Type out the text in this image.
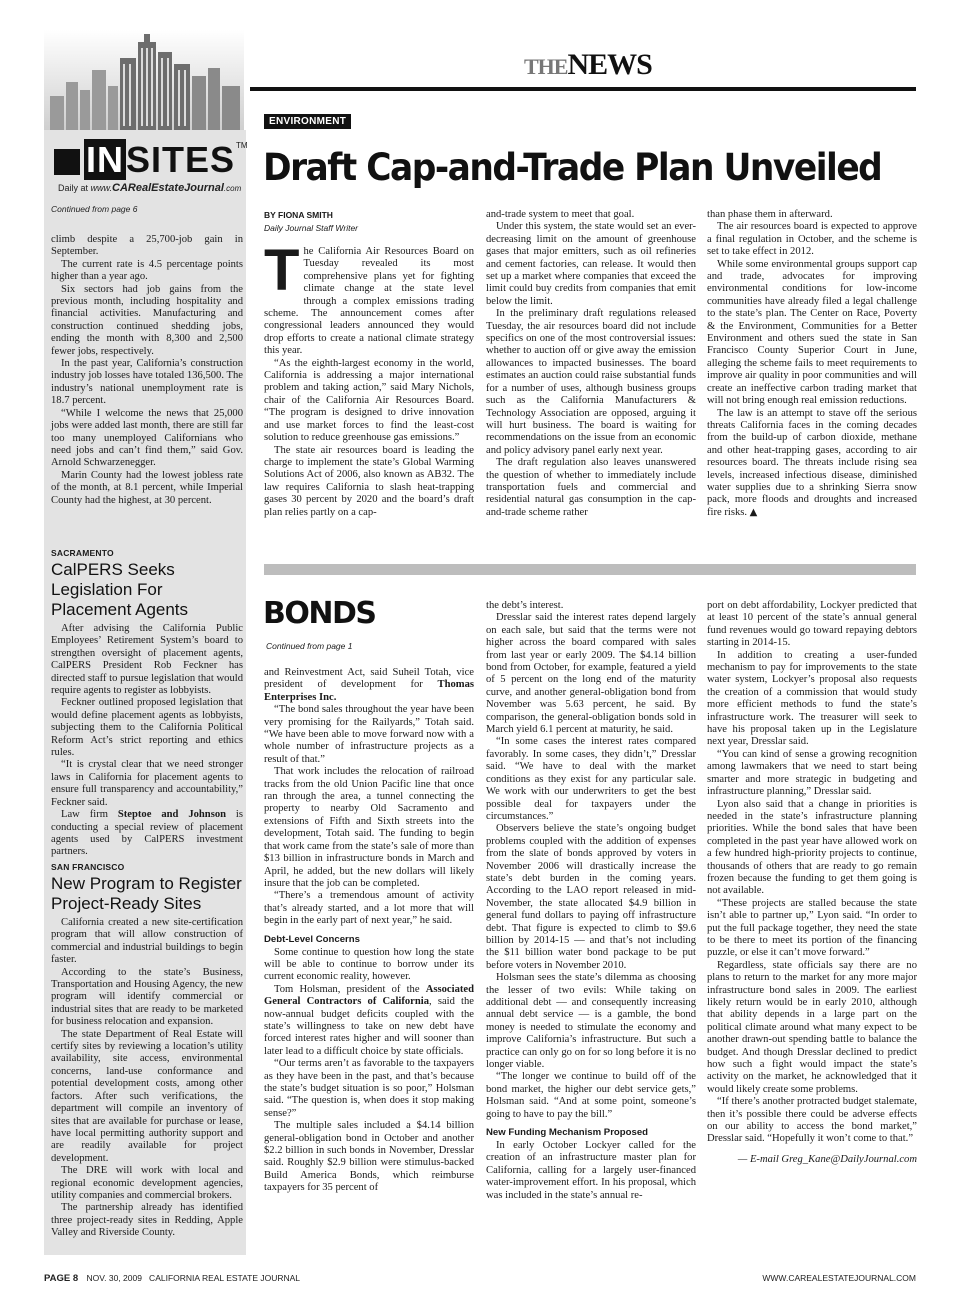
THENEWS
INSITES TM
Daily at www.CARealEstateJournal.com
Continued from page 6

climb despite a 25,700-job gain in September.

The current rate is 4.5 percentage points higher than a year ago.

Six sectors had job gains from the previous month, including hospitality and financial activities. Manufacturing and construction continued shedding jobs, ending the month with 8,300 and 2,500 fewer jobs, respectively.

In the past year, California’s construction industry job losses have totaled 136,500. The industry’s national unemployment rate is 18.7 percent.

“While I welcome the news that 25,000 jobs were added last month, there are still far too many unemployed Californians who need jobs and can’t find them,” said Gov. Arnold Schwarzenegger.

Marin County had the lowest jobless rate of the month, at 8.1 percent, while Imperial County had the highest, at 30 percent.

SACRAMENTO
CalPERS Seeks Legislation For Placement Agents

After advising the California Public Employees’ Retirement System’s board to strengthen oversight of placement agents, CalPERS President Rob Feckner has directed staff to pursue legislation that would require agents to register as lobbyists.

Feckner outlined proposed legislation that would define placement agents as lobbyists, subjecting them to the California Political Reform Act’s strict reporting and ethics rules.

“It is crystal clear that we need stronger laws in California for placement agents to ensure full transparency and accountability,” Feckner said.

Law firm Steptoe and Johnson is conducting a special review of placement agents used by CalPERS investment partners.

SAN FRANCISCO
New Program to Register Project-Ready Sites

California created a new site-certification program that will allow construction of commercial and industrial buildings to begin faster.

According to the state’s Business, Transportation and Housing Agency, the new program will identify commercial or industrial sites that are ready to be marketed for business relocation and expansion.

The state Department of Real Estate will certify sites by reviewing a location’s utility availability, site access, environmental concerns, land-use conformance and potential development costs, among other factors. After such verifications, the department will compile an inventory of sites that are available for purchase or lease, have local permitting authority support and are readily available for project development.

The DRE will work with local and regional economic development agencies, utility companies and commercial brokers.

The partnership already has identified three project-ready sites in Redding, Apple Valley and Riverside County.

ENVIRONMENT
Draft Cap-and-Trade Plan Unveiled
BY FIONA SMITH
Daily Journal Staff Writer

The California Air Resources Board on Tuesday revealed its most comprehensive plans yet for fighting climate change at the state level through a complex emissions trading scheme. The announcement comes after congressional leaders announced they would drop efforts to create a national climate strategy this year.

“As the eighth-largest economy in the world, California is addressing a major international problem and taking action,” said Mary Nichols, chair of the California Air Resources Board. “The program is designed to drive innovation and use market forces to find the least-cost solution to reduce greenhouse gas emissions.”

The state air resources board is leading the charge to implement the state’s Global Warming Solutions Act of 2006, also known as AB32. The law requires California to slash heat-trapping gases 30 percent by 2020 and the board’s draft plan relies partly on a cap-

and-trade system to meet that goal.

Under this system, the state would set an ever-decreasing limit on the amount of greenhouse gases that major emitters, such as oil refineries and cement factories, can release. It would then set up a market where companies that exceed the limit could buy credits from companies that emit below the limit.

In the preliminary draft regulations released Tuesday, the air resources board did not include specifics on one of the most controversial issues: whether to auction off or give away the emission allowances to impacted businesses. The board estimates an auction could raise substantial funds for a number of uses, although business groups such as the California Manufacturers & Technology Association are opposed, arguing it will hurt business. The board is waiting for recommendations on the issue from an economic and policy advisory panel early next year.

The draft regulation also leaves unanswered the question of whether to immediately include transportation fuels and commercial and residential natural gas consumption in the cap-and-trade scheme rather

than phase them in afterward.

The air resources board is expected to approve a final regulation in October, and the scheme is set to take effect in 2012.

While some environmental groups support cap and trade, advocates for improving environmental conditions for low-income communities have already filed a legal challenge to the state’s plan. The Center on Race, Poverty & the Environment, Communities for a Better Environment and others sued the state in San Francisco County Superior Court in June, alleging the scheme fails to meet requirements to improve air quality in poor communities and will create an ineffective carbon trading market that will not bring enough real emission reductions.

The law is an attempt to stave off the serious threats California faces in the coming decades from the build-up of carbon dioxide, methane and other heat-trapping gases, according to air resources board. The threats include rising sea levels, increased infectious disease, diminished water supplies due to a shrinking Sierra snow pack, more floods and droughts and increased fire risks. ▲

BONDS
Continued from page 1

and Reinvestment Act, said Suheil Totah, vice president of development for Thomas Enterprises Inc.

“The bond sales throughout the year have been very promising for the Railyards,” Totah said. “We have been able to move forward now with a whole number of infrastructure projects as a result of that.”

That work includes the relocation of railroad tracks from the old Union Pacific line that once ran through the area, a tunnel connecting the property to nearby Old Sacramento and extensions of Fifth and Sixth streets into the development, Totah said. The funding to begin that work came from the state’s sale of more than $13 billion in infrastructure bonds in March and April, he added, but the new dollars will likely insure that the job can be completed.

“There’s a tremendous amount of activity that’s already started, and a lot more that will begin in the early part of next year,” he said.

Debt-Level Concerns

Some continue to question how long the state will be able to continue to borrow under its current economic reality, however.

Tom Holsman, president of the Associated General Contractors of California, said the now-annual budget deficits coupled with the state’s willingness to take on new debt have forced interest rates higher and will sooner than later lead to a difficult choice by state officials.

“Our terms aren’t as favorable to the taxpayers as they have been in the past, and that’s because the state’s budget situation is so poor,” Holsman said. “The question is, when does it stop making sense?”

The multiple sales included a $4.14 billion general-obligation bond in October and another $2.2 billion in such bonds in November, Dresslar said. Roughly $2.9 billion were stimulus-backed Build America Bonds, which reimburse taxpayers for 35 percent of

the debt’s interest.

Dresslar said the interest rates depend largely on each sale, but said that the terms were not higher across the board compared with sales from last year or early 2009. The $4.14 billion bond from October, for example, featured a yield of 5 percent on the long end of the maturity curve, and another general-obligation bond from November was 5.63 percent, he said. By comparison, the general-obligation bonds sold in March yield 6.1 percent at maturity, he said.

“In some cases the interest rates compared favorably. In some cases, they didn’t,” Dresslar said. “We have to deal with the market conditions as they exist for any particular sale. We work with our underwriters to get the best possible deal for taxpayers under the circumstances.”

Observers believe the state’s ongoing budget problems coupled with the addition of expenses from the slate of bonds approved by voters in November 2006 will drastically increase the state’s debt burden in the coming years. According to the LAO report released in mid-November, the state allocated $4.9 billion in general fund dollars to paying off infrastructure debt. That figure is expected to climb to $9.6 billion by 2014-15 — and that’s not including the $11 billion water bond package to be put before voters in November 2010.

Holsman sees the state’s dilemma as choosing the lesser of two evils: While taking on additional debt — and consequently increasing annual debt service — is a gamble, the bond money is needed to stimulate the economy and improve California’s infrastructure. But such a practice can only go on for so long before it is no longer viable.

“The longer we continue to build off of the bond market, the higher our debt service gets,” Holsman said. “And at some point, someone’s going to have to pay the bill.”

New Funding Mechanism Proposed

In early October Lockyer called for the creation of an infrastructure master plan for California, calling for a largely user-financed water-improvement effort. In his proposal, which was included in the state’s annual re-

port on debt affordability, Lockyer predicted that at least 10 percent of the state’s annual general fund revenues would go toward repaying debtors starting in 2014-15.

In addition to creating a user-funded mechanism to pay for improvements to the state water system, Lockyer’s proposal also requests the creation of a commission that would study more efficient methods to fund the state’s infrastructure work. The treasurer will seek to have his proposal taken up in the Legislature next year, Dresslar said.

“You can kind of sense a growing recognition among lawmakers that we need to start being smarter and more strategic in budgeting and infrastructure planning,” Dresslar said.

Lyon also said that a change in priorities is needed in the state’s infrastructure planning priorities. While the bond sales that have been completed in the past year have allowed work on a few hundred high-priority projects to continue, thousands of others that are ready to go remain frozen because the funding to get them going is not available.

“These projects are stalled because the state isn’t able to partner up,” Lyon said. “In order to put the full package together, they need the state to be there to meet its portion of the financing puzzle, or else it can’t move forward.”

Regardless, state officials say there are no plans to return to the market for any more major infrastructure bond sales in 2009. The earliest likely return would be in early 2010, although that ability depends in a large part on the political climate around what many expect to be another drawn-out spending battle to balance the budget. And though Dresslar declined to predict how such a fight would impact the state’s activity on the market, he acknowledged that it would likely create some problems.

“If there’s another protracted budget stalemate, then it’s possible there could be adverse effects on our ability to access the bond market,” Dresslar said. “Hopefully it won’t come to that.”

— E-mail Greg_Kane@DailyJournal.com
PAGE 8 NOV. 30, 2009   CALIFORNIA REAL ESTATE JOURNAL	WWW.CAREALESTATEJOURNAL.COM
